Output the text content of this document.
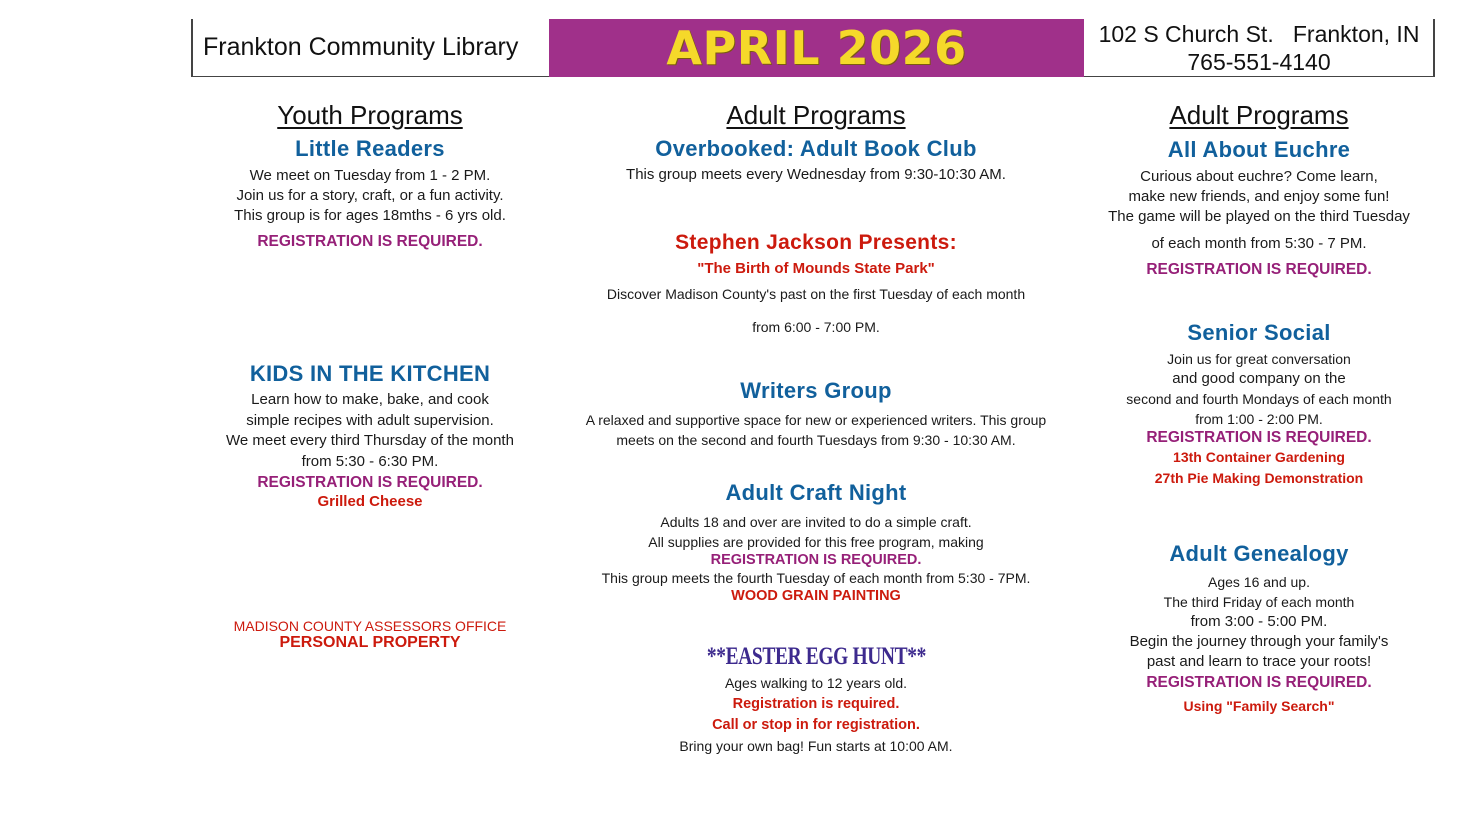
Frankton Community Library	APRIL 2026	102 S Church St.   Frankton, IN
765-551-4140
Youth Programs
Little Readers
We meet on Tuesday from 1 - 2 PM.
Join us for a story, craft, or a fun activity.
This group is for ages 18mths - 6 yrs old.
REGISTRATION IS REQUIRED.
KIDS IN THE KITCHEN
Learn how to make, bake, and cook
simple recipes with adult supervision.
We meet every third Thursday of the month
from 5:30 - 6:30 PM.
REGISTRATION IS REQUIRED.
Grilled Cheese
MADISON COUNTY ASSESSORS OFFICE
PERSONAL PROPERTY
Adult Programs
Overbooked: Adult Book Club
This group meets every Wednesday from 9:30-10:30 AM.
Stephen Jackson Presents:
"The Birth of Mounds State Park"
Discover Madison County's past on the first Tuesday of each month
from 6:00 - 7:00 PM.
Writers Group
A relaxed and supportive space for new or experienced writers. This group
meets on the second and fourth Tuesdays from 9:30 - 10:30 AM.
Adult Craft Night
Adults 18 and over are invited to do a simple craft.
All supplies are provided for this free program, making
REGISTRATION IS REQUIRED.
This group meets the fourth Tuesday of each month from 5:30 - 7PM.
WOOD GRAIN PAINTING
**EASTER EGG HUNT**
Ages walking to 12 years old.
Registration is required.
Call or stop in for registration.
Bring your own bag! Fun starts at 10:00 AM.
Adult Programs
All About Euchre
Curious about euchre? Come learn,
make new friends, and enjoy some fun!
The game will be played on the third Tuesday
of each month from 5:30 - 7 PM.
REGISTRATION IS REQUIRED.
Senior Social
Join us for great conversation
and good company on the
second and fourth Mondays of each month
from 1:00 - 2:00 PM.
REGISTRATION IS REQUIRED.
13th Container Gardening
27th Pie Making Demonstration
Adult Genealogy
Ages 16 and up.
The third Friday of each month
from 3:00 - 5:00 PM.
Begin the journey through your family's
past and learn to trace your roots!
REGISTRATION IS REQUIRED.
Using "Family Search"
